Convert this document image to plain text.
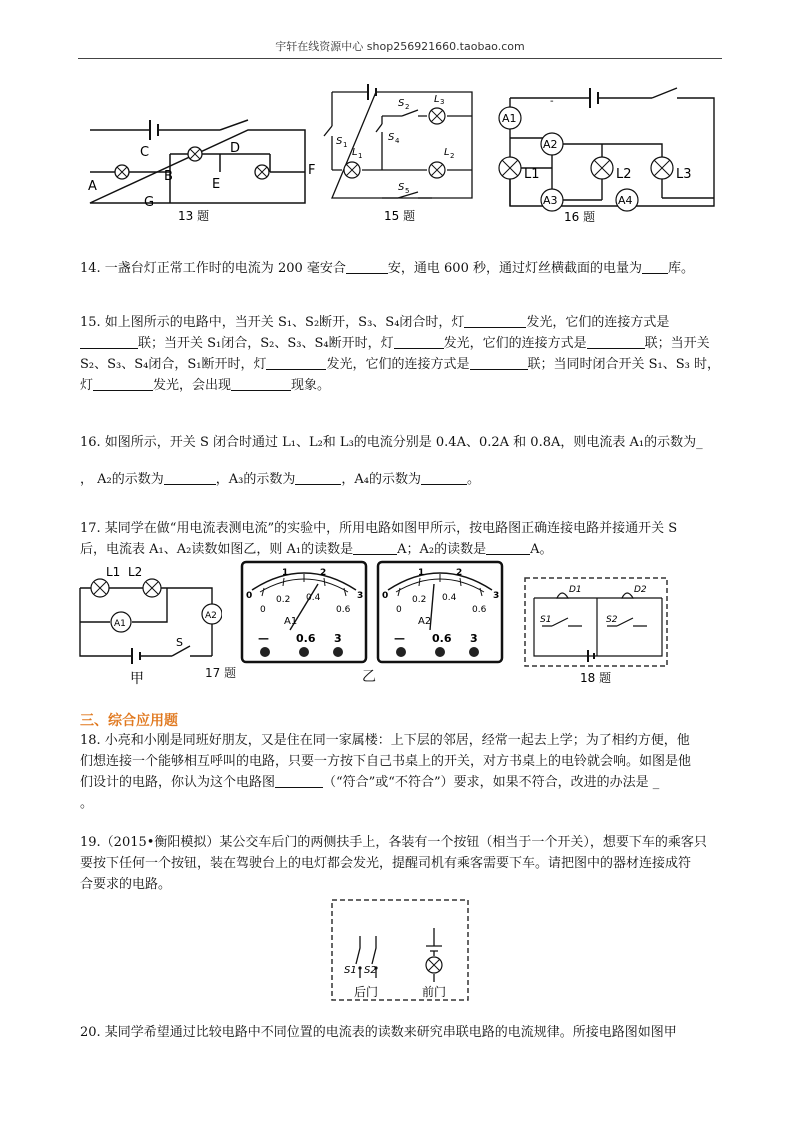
宇轩在线资源中心 shop256921660.taobao.com
A
C	D
B
E
F
G
13 题
S 2
L 3
S 1
S 4
L 1	L 2
S 5
15 题
-
A1
A2
L1	L2	L3
A3	A4
16 题

14. 一盏台灯正常工作时的电流为 200 毫安合	安，通电 600 秒，通过灯丝横截面的电量为 库。

15. 如上图所示的电路中，当开关 S₁、S₂断开，S₃、S₄闭合时，灯	发光，它们的连接方式是

联；当开关 S₁闭合，S₂、S₃、S₄断开时，灯	发光，它们的连接方式是	联；当开关

S₂、S₃、S₄闭合，S₁断开时，灯	发光，它们的连接方式是	联；当同时闭合开关 S₁、S₃ 时，

灯	发光，会出现	现象。

16. 如图所示，开关 S 闭合时通过 L₁、L₂和 L₃的电流分别是 0.4A、0.2A 和 0.8A，则电流表 A₁的示数为_

， A₂的示数为	，A₃的示数为	，A₄的示数为	。

17. 某同学在做“用电流表测电流”的实验中，所用电路如图甲所示，按电路图正确连接电路并接通开关 S

后，电流表 A₁、A₂读数如图乙，则 A₁的读数是	A；A₂的读数是	A。

L1 L2
A1
A2
S
甲	17 题
0
1	2
3
0
0.2 0.4
0.6
A1
— 0.6 3
0
1	2
3
0
0.2 0.4
0.6
A2
— 0.6 3
乙
D1	D2
S1	S2
18 题
三、综合应用题

18. 小亮和小刚是同班好朋友，又是住在同一家属楼：上下层的邻居，经常一起去上学；为了相约方便，他

们想连接一个能够相互呼叫的电路，只要一方按下自己书桌上的开关，对方书桌上的电铃就会响。如图是他

们设计的电路，你认为这个电路图	（“符合”或“不符合”）要求，如果不符合，改进的办法是 _

。

19.（2015•衡阳模拟）某公交车后门的两侧扶手上，各装有一个按钮（相当于一个开关），想要下车的乘客只

要按下任何一个按钮，装在驾驶台上的电灯都会发光，提醒司机有乘客需要下车。请把图中的器材连接成符

合要求的电路。

S1 S2
后门	前门

20. 某同学希望通过比较电路中不同位置的电流表的读数来研究串联电路的电流规律。所接电路图如图甲
